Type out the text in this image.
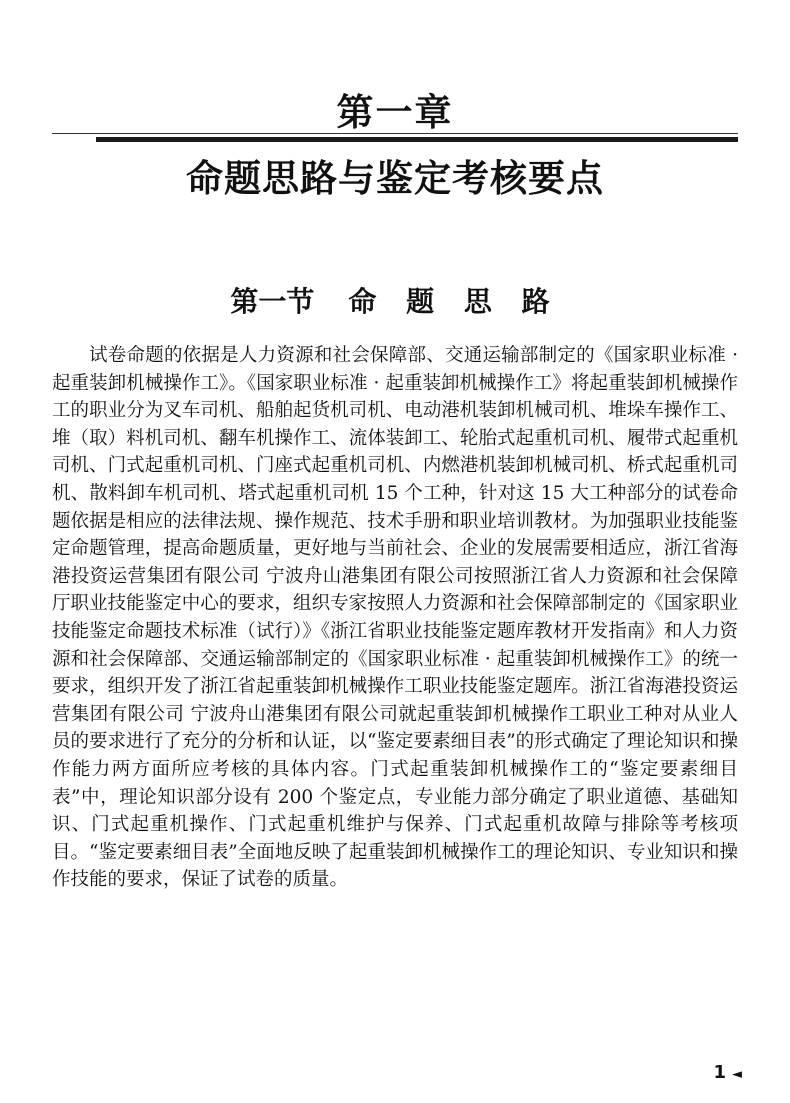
第一章
命题思路与鉴定考核要点
第一节 命 题 思 路

试卷命题的依据是人力资源和社会保障部、交通运输部制定的《国家职业标准 · 起重装卸机械操作工》。《国家职业标准 · 起重装卸机械操作工》将起重装卸机械操作工的职业分为叉车司机、船舶起货机司机、电动港机装卸机械司机、堆垛车操作工、堆（取）料机司机、翻车机操作工、流体装卸工、轮胎式起重机司机、履带式起重机司机、门式起重机司机、门座式起重机司机、内燃港机装卸机械司机、桥式起重机司机、散料卸车机司机、塔式起重机司机 15 个工种，针对这 15 大工种部分的试卷命题依据是相应的法律法规、操作规范、技术手册和职业培训教材。为加强职业技能鉴定命题管理，提高命题质量，更好地与当前社会、企业的发展需要相适应，浙江省海港投资运营集团有限公司 宁波舟山港集团有限公司按照浙江省人力资源和社会保障厅职业技能鉴定中心的要求，组织专家按照人力资源和社会保障部制定的《国家职业技能鉴定命题技术标准（试行）》《浙江省职业技能鉴定题库教材开发指南》和人力资源和社会保障部、交通运输部制定的《国家职业标准 · 起重装卸机械操作工》的统一要求，组织开发了浙江省起重装卸机械操作工职业技能鉴定题库。浙江省海港投资运营集团有限公司 宁波舟山港集团有限公司就起重装卸机械操作工职业工种对从业人员的要求进行了充分的分析和认证，以“鉴定要素细目表”的形式确定了理论知识和操作能力两方面所应考核的具体内容。门式起重装卸机械操作工的“鉴定要素细目表”中，理论知识部分设有 200 个鉴定点，专业能力部分确定了职业道德、基础知识、门式起重机操作、门式起重机维护与保养、门式起重机故障与排除等考核项目。“鉴定要素细目表”全面地反映了起重装卸机械操作工的理论知识、专业知识和操作技能的要求，保证了试卷的质量。

1 ◄
